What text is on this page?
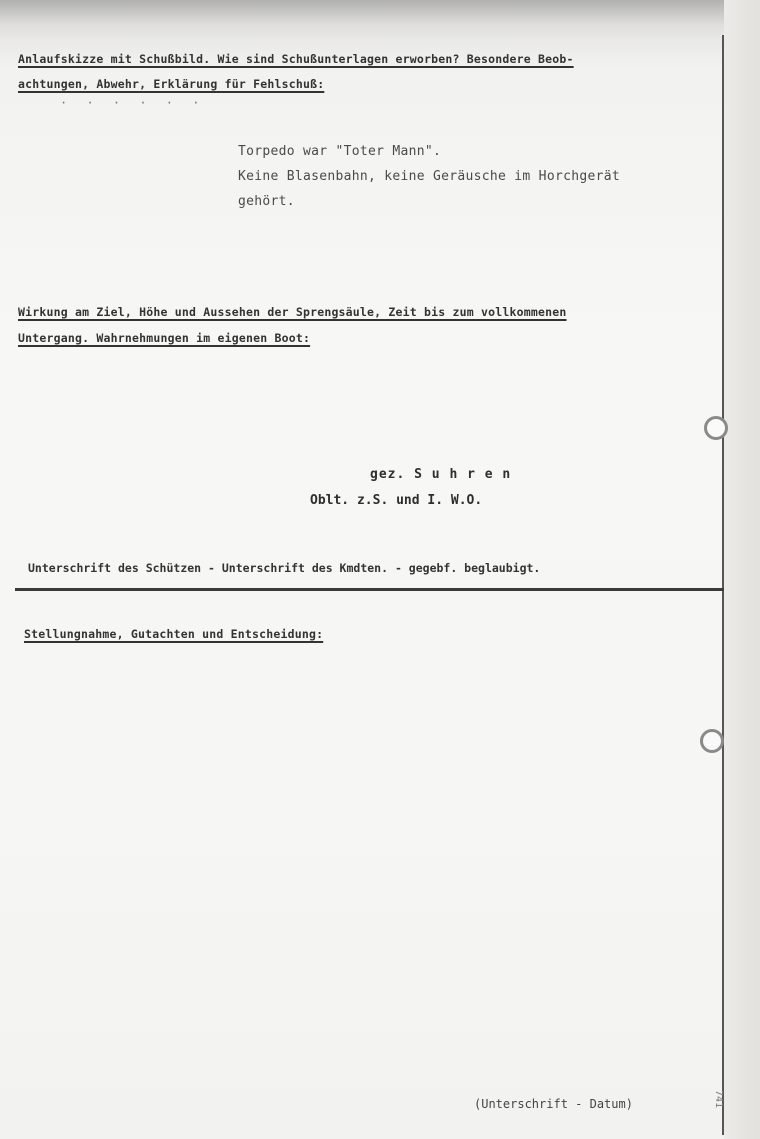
Anlaufskizze mit Schußbild. Wie sind Schußunterlagen erworben? Besondere Beob-
achtungen, Abwehr, Erklärung für Fehlschuß:
· · · · · ·
Torpedo war "Toter Mann".
Keine Blasenbahn, keine Geräusche im Horchgerät
gehört.
Wirkung am Ziel, Höhe und Aussehen der Sprengsäule, Zeit bis zum vollkommenen
Untergang. Wahrnehmungen im eigenen Boot:
gez. S u h r e n
Oblt. z.S. und I. W.O.
Unterschrift des Schützen - Unterschrift des Kmdten. - gegebf. beglaubigt.
Stellungnahme, Gutachten und Entscheidung:
(Unterschrift - Datum)	741
